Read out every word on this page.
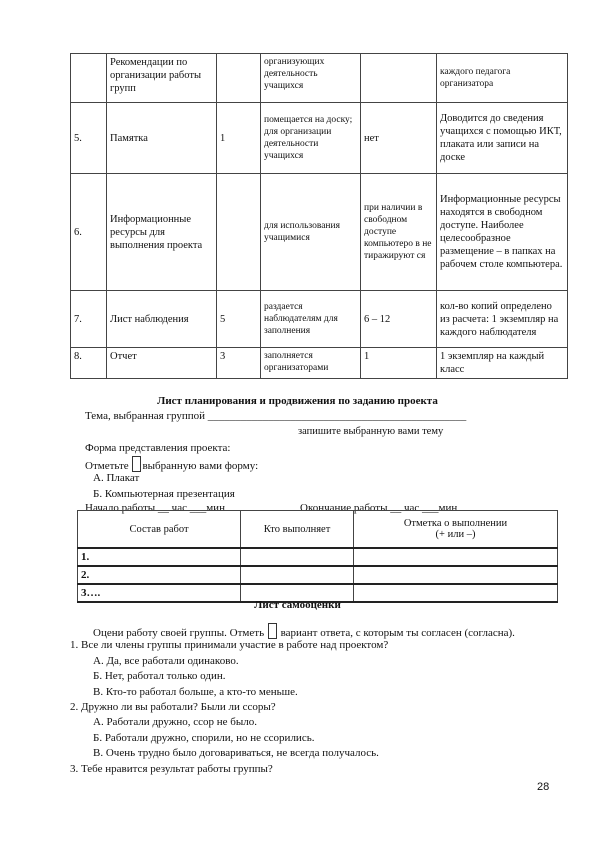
	Рекомендации по организации работы групп		организующих деятельность учащихся		каждого педагога организатора
5.	Памятка	1	помещается на доску; для организации деятельности учащихся	нет	Доводится до сведения учащихся с помощью ИКТ, плаката или записи на доске
6.	Информационные ресурсы для выполнения проекта		для использования учащимися	при наличии в свободном доступе компьютеро в не тиражируют ся	Информационные ресурсы находятся в свободном доступе. Наиболее целесообразное размещение – в папках на рабочем столе компьютера.
7.	Лист наблюдения	5	раздается наблюдателям для заполнения	6 – 12	кол-во копий определено из расчета: 1 экземпляр на каждого наблюдателя
8.	Отчет	3	заполняется организаторами	1	1 экземпляр на каждый класс
Лист планирования и продвижения по заданию проекта
Тема, выбранная группой _______________________________________________
запишите выбранную вами тему
Форма представления проекта:
Отметьте выбранную вами форму:
А. Плакат
Б. Компьютерная презентация
Начало работы __ час ___мин	Окончание работы __ час ___мин
Состав работ	Кто выполняет	Отметка о выполнении
(+ или –)

1.		
2.		
3….		
Лист самооценки
Оцени работу своей группы. Отметь вариант ответа, с которым ты согласен (согласна).
1. Все ли члены группы принимали участие в работе над проектом?
А. Да, все работали одинаково.
Б. Нет, работал только один.
В. Кто-то работал больше, а кто-то меньше.
2. Дружно ли вы работали? Были ли ссоры?
А. Работали дружно, ссор не было.
Б. Работали дружно, спорили, но не ссорились.
В. Очень трудно было договариваться, не всегда получалось.
3. Тебе нравится результат работы группы?
28
